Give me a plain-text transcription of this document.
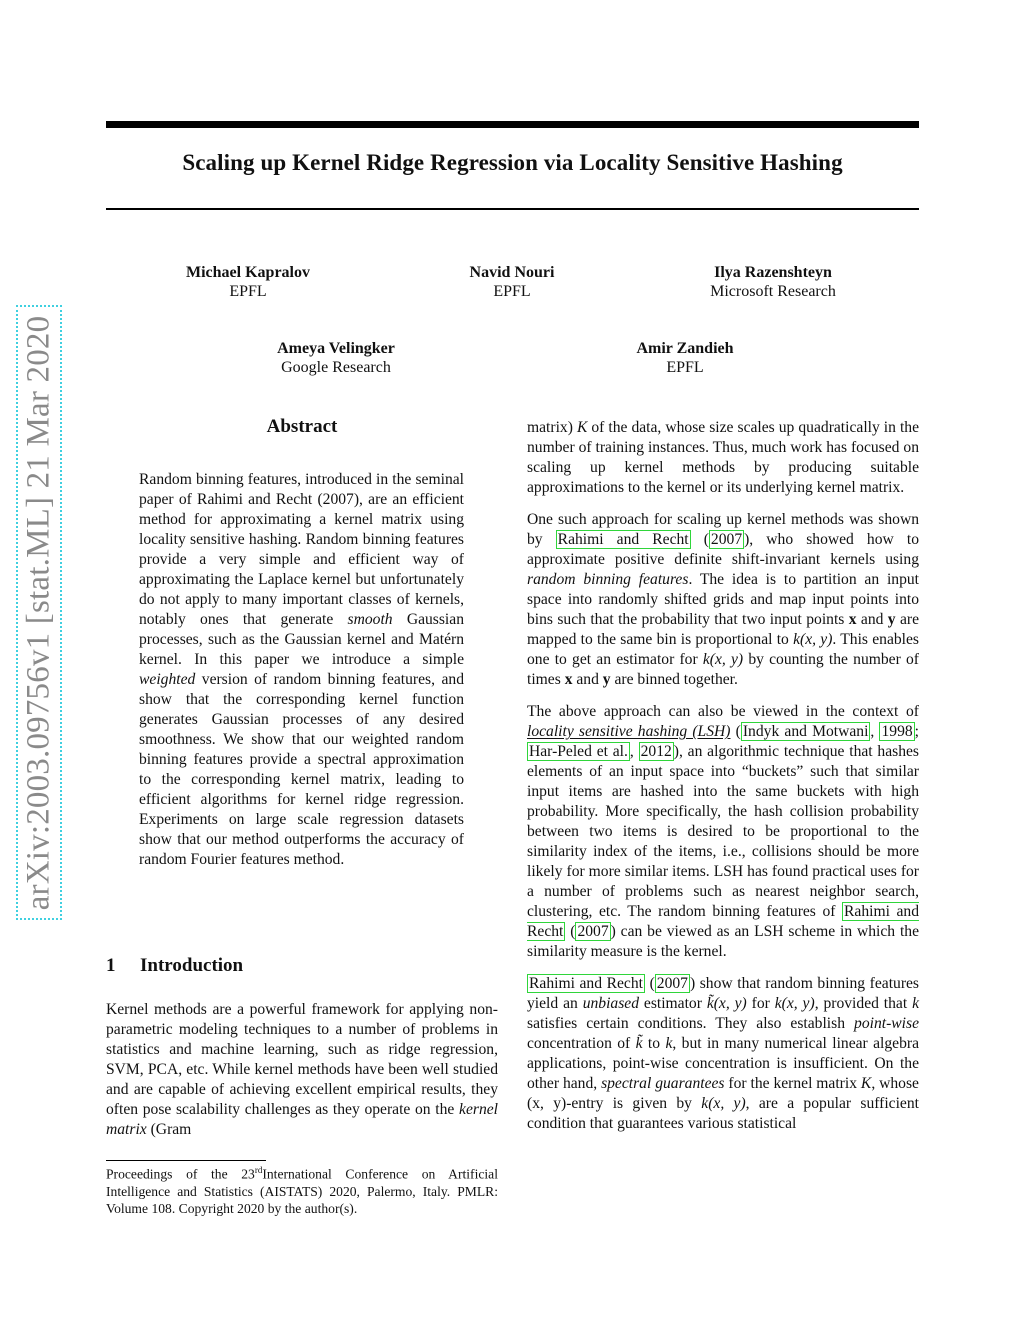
arXiv:2003.09756v1 [stat.ML] 21 Mar 2020
Scaling up Kernel Ridge Regression via Locality Sensitive Hashing
Michael Kapralov
EPFL
Navid Nouri
EPFL
Ilya Razenshteyn
Microsoft Research
Ameya Velingker
Google Research
Amir Zandieh
EPFL
Abstract

Random binning features, introduced in the seminal paper of Rahimi and Recht (2007), are an efficient method for approximating a kernel matrix using locality sensitive hashing. Random binning features provide a very simple and efficient way of approximating the Laplace kernel but unfortunately do not apply to many important classes of kernels, notably ones that generate smooth Gaussian processes, such as the Gaussian kernel and Matérn kernel. In this paper we introduce a simple weighted version of random binning features, and show that the corresponding kernel function generates Gaussian processes of any desired smoothness. We show that our weighted random binning features provide a spectral approximation to the corresponding kernel matrix, leading to efficient algorithms for kernel ridge regression. Experiments on large scale regression datasets show that our method outperforms the accuracy of random Fourier features method.

1 Introduction

Kernel methods are a powerful framework for applying non-parametric modeling techniques to a number of problems in statistics and machine learning, such as ridge regression, SVM, PCA, etc. While kernel methods have been well studied and are capable of achieving excellent empirical results, they often pose scalability challenges as they operate on the kernel matrix (Gram

Proceedings of the 23rdInternational Conference on Artificial Intelligence and Statistics (AISTATS) 2020, Palermo, Italy. PMLR: Volume 108. Copyright 2020 by the author(s).

matrix) K of the data, whose size scales up quadratically in the number of training instances. Thus, much work has focused on scaling up kernel methods by producing suitable approximations to the kernel or its underlying kernel matrix.

One such approach for scaling up kernel methods was shown by Rahimi and Recht ( 2007 ), who showed how to approximate positive definite shift-invariant kernels using random binning features. The idea is to partition an input space into randomly shifted grids and map input points into bins such that the probability that two input points x and y are mapped to the same bin is proportional to k(x, y). This enables one to get an estimator for k(x, y) by counting the number of times x and y are binned together.

The above approach can also be viewed in the context of locality sensitive hashing (LSH) ( Indyk and Motwani , 1998 ; Har-Peled et al. , 2012 ), an algorithmic technique that hashes elements of an input space into “buckets” such that similar input items are hashed into the same buckets with high probability. More specifically, the hash collision probability between two items is desired to be proportional to the similarity index of the items, i.e., collisions should be more likely for more similar items. LSH has found practical uses for a number of problems such as nearest neighbor search, clustering, etc. The random binning features of Rahimi and Recht ( 2007 ) can be viewed as an LSH scheme in which the similarity measure is the kernel.

Rahimi and Recht ( 2007 ) show that random binning features yield an unbiased estimator k̃(x, y) for k(x, y), provided that k satisfies certain conditions. They also establish point-wise concentration of k̃ to k, but in many numerical linear algebra applications, point-wise concentration is insufficient. On the other hand, spectral guarantees for the kernel matrix K, whose (x, y)-entry is given by k(x, y), are a popular sufficient condition that guarantees various statistical
